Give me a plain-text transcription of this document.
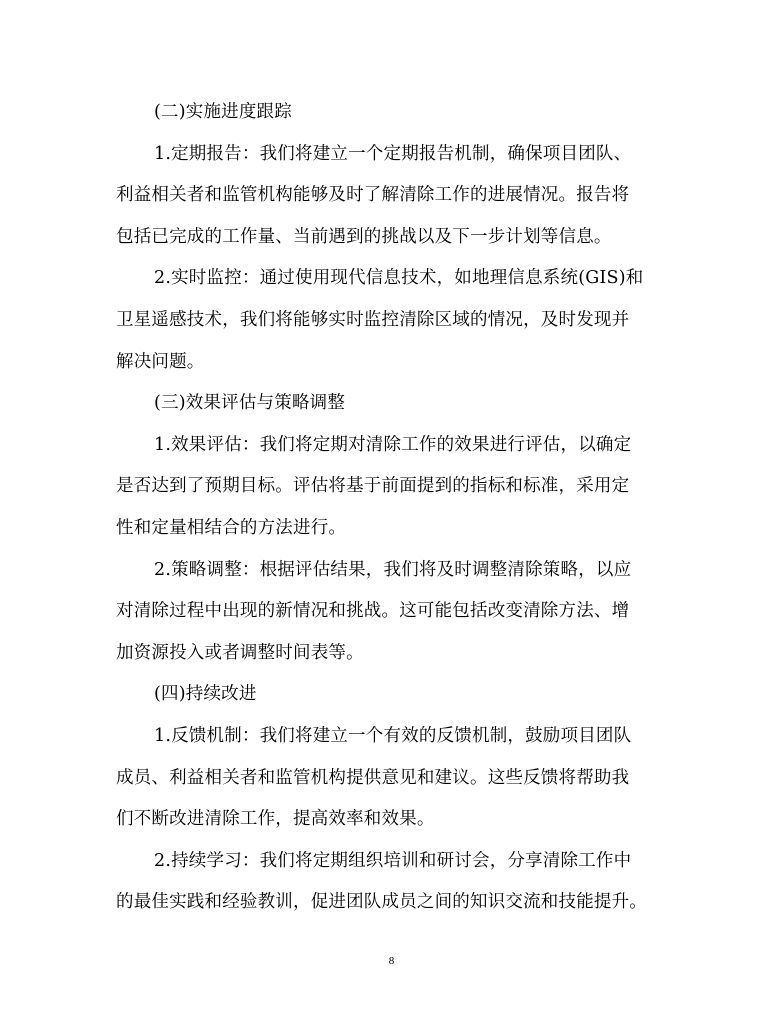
(二)实施进度跟踪
1.定期报告：我们将建立一个定期报告机制，确保项目团队、
利益相关者和监管机构能够及时了解清除工作的进展情况。报告将
包括已完成的工作量、当前遇到的挑战以及下一步计划等信息。
2.实时监控：通过使用现代信息技术，如地理信息系统(GIS)和
卫星遥感技术，我们将能够实时监控清除区域的情况，及时发现并
解决问题。
(三)效果评估与策略调整
1.效果评估：我们将定期对清除工作的效果进行评估，以确定
是否达到了预期目标。评估将基于前面提到的指标和标准，采用定
性和定量相结合的方法进行。
2.策略调整：根据评估结果，我们将及时调整清除策略，以应
对清除过程中出现的新情况和挑战。这可能包括改变清除方法、增
加资源投入或者调整时间表等。
(四)持续改进
1.反馈机制：我们将建立一个有效的反馈机制，鼓励项目团队
成员、利益相关者和监管机构提供意见和建议。这些反馈将帮助我
们不断改进清除工作，提高效率和效果。
2.持续学习：我们将定期组织培训和研讨会，分享清除工作中
的最佳实践和经验教训，促进团队成员之间的知识交流和技能提升。
8
